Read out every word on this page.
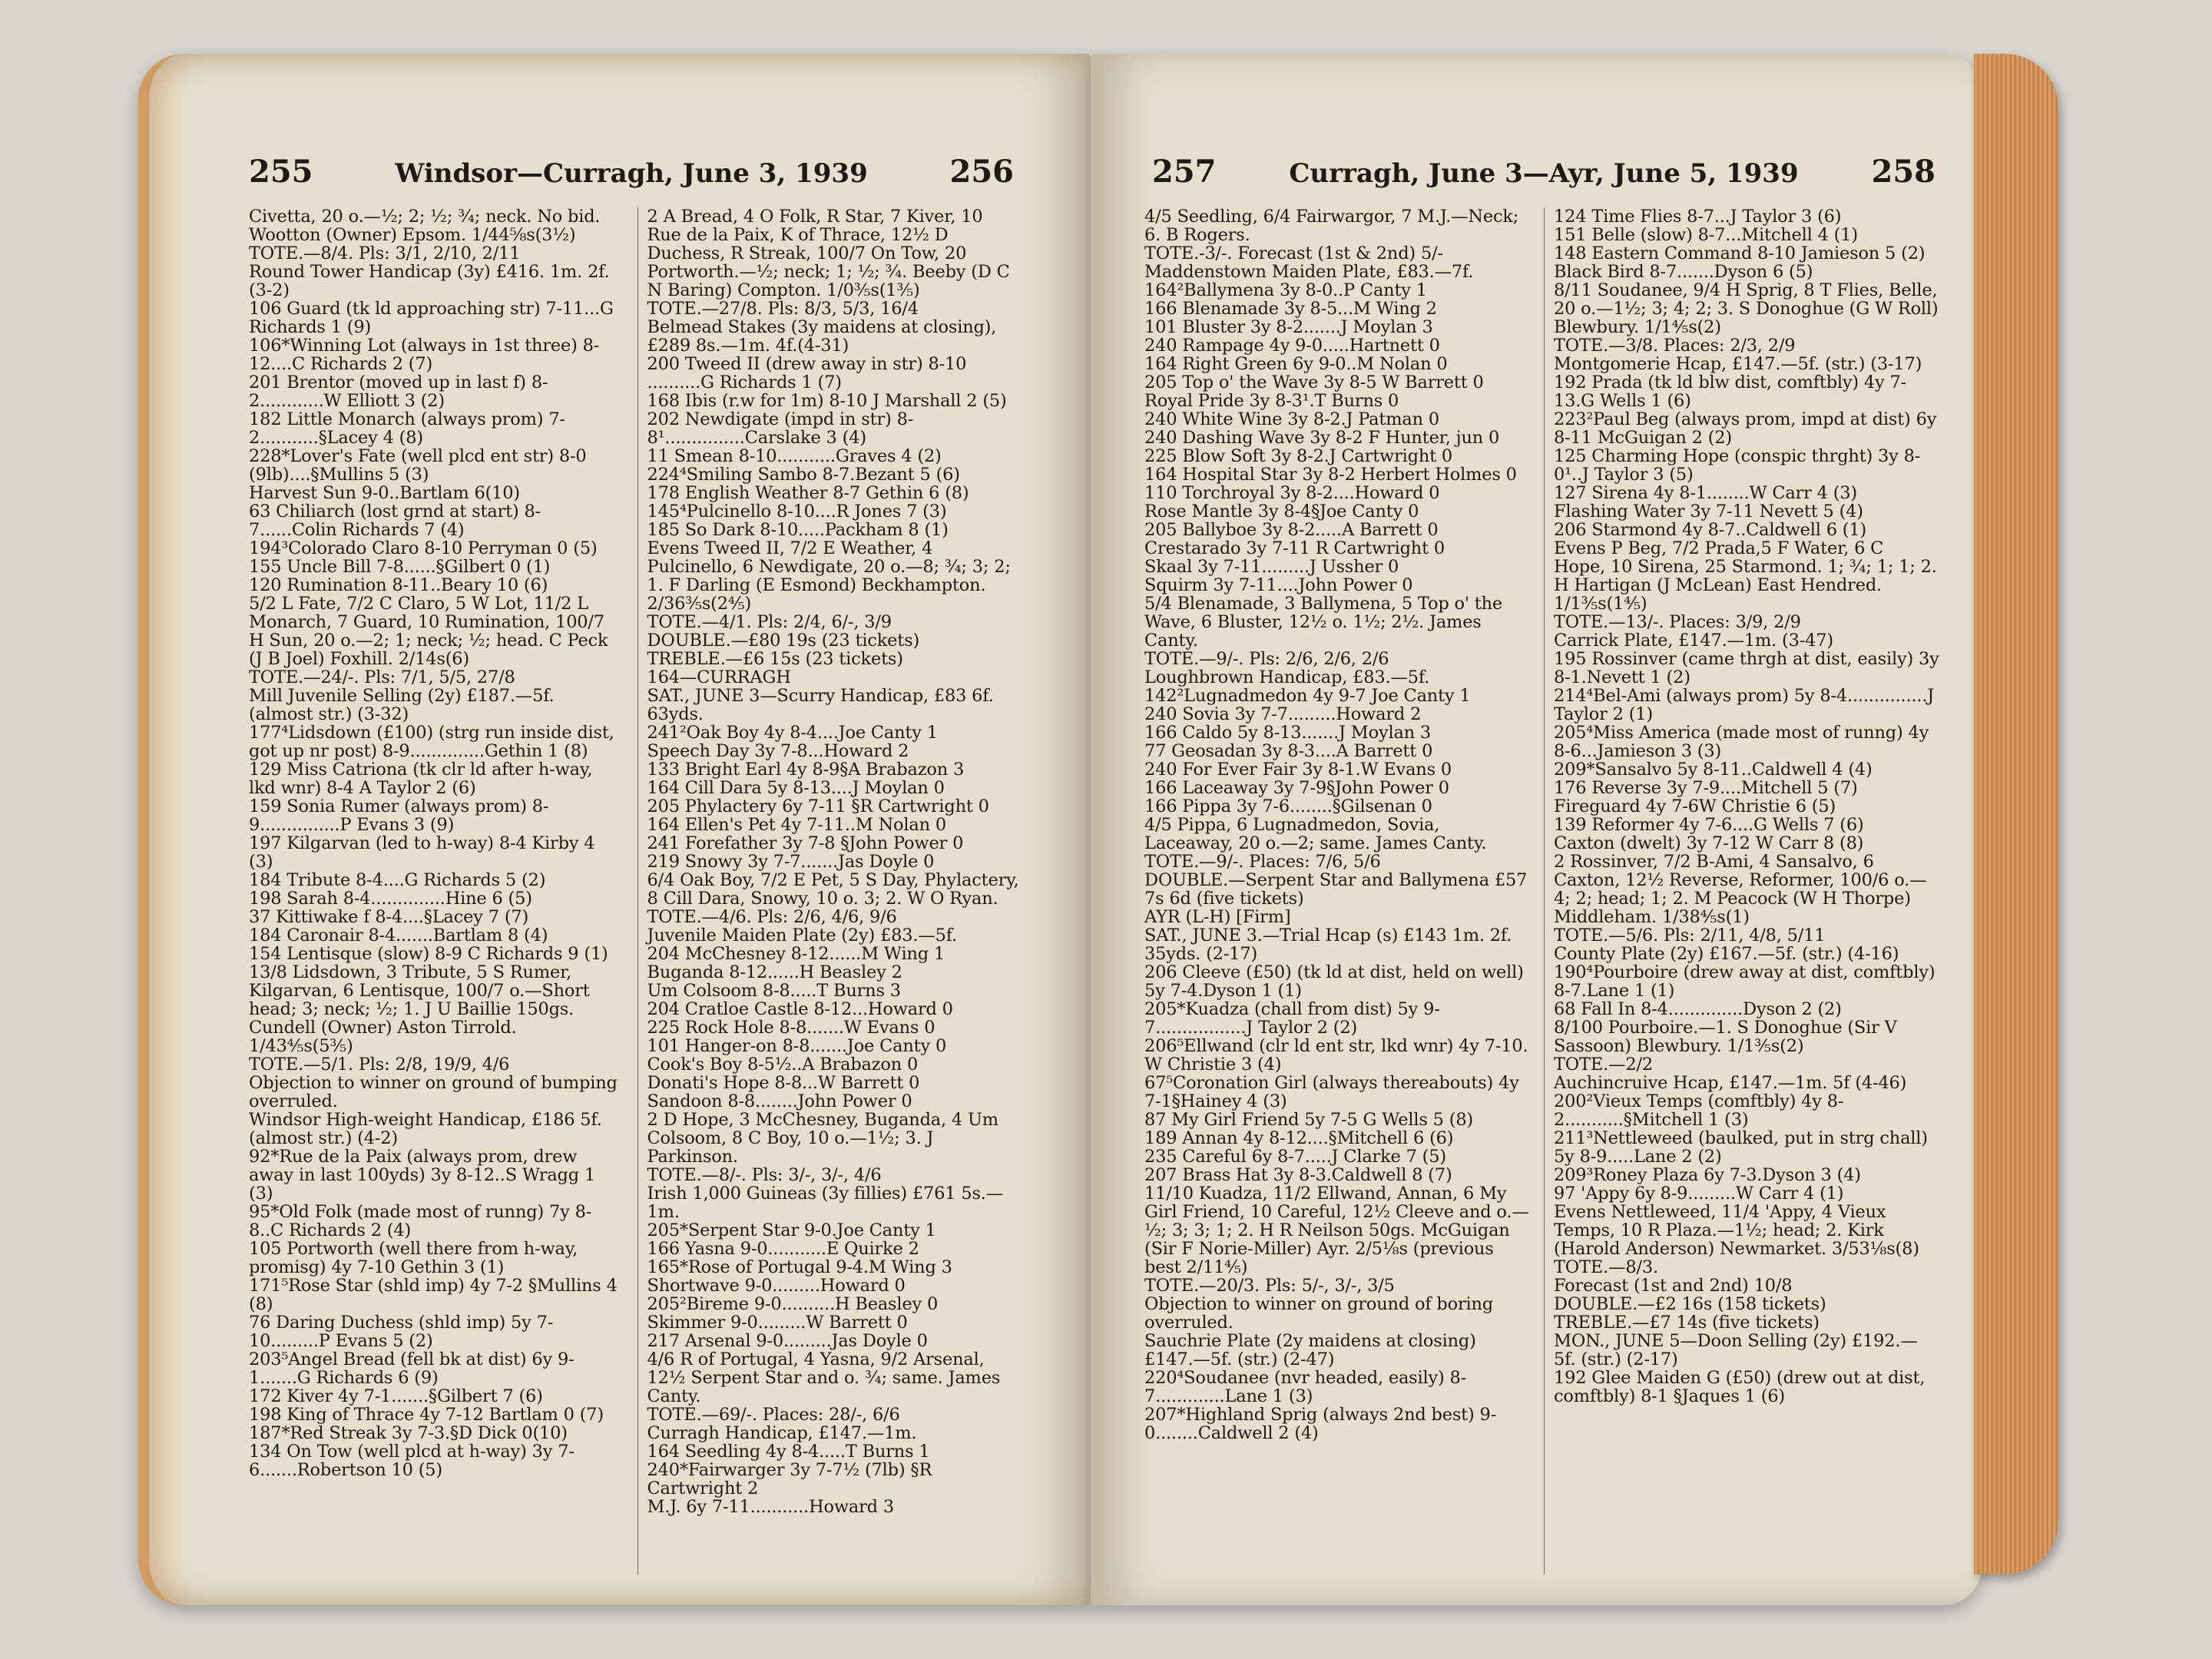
255	Windsor—Curragh, June 3, 1939	256

Civetta, 20 o.—½; 2; ½; ¾; neck. No bid. Wootton (Owner) Epsom. 1/44⅝s(3½)

TOTE.—8/4. Pls: 3/1, 2/10, 2/11

Round Tower Handicap (3y) £416. 1m. 2f. (3-2)

106 Guard (tk ld approaching str) 7-11...G Richards 1 (9)

106*Winning Lot (always in 1st three) 8-12....C Richards 2 (7)

201 Brentor (moved up in last f) 8-2............W Elliott 3 (2)

182 Little Monarch (always prom) 7-2...........§Lacey 4 (8)

228*Lover's Fate (well plcd ent str) 8-0 (9lb)....§Mullins 5 (3)

Harvest Sun 9-0..Bartlam 6(10)

63 Chiliarch (lost grnd at start) 8-7......Colin Richards 7 (4)

194³Colorado Claro 8-10 Perryman 0 (5)

155 Uncle Bill 7-8......§Gilbert 0 (1)

120 Rumination 8-11..Beary 10 (6)

5/2 L Fate, 7/2 C Claro, 5 W Lot, 11/2 L Monarch, 7 Guard, 10 Rumination, 100/7 H Sun, 20 o.—2; 1; neck; ½; head. C Peck (J B Joel) Foxhill. 2/14s(6)

TOTE.—24/-. Pls: 7/1, 5/5, 27/8

Mill Juvenile Selling (2y) £187.—5f. (almost str.) (3-32)

177⁴Lidsdown (£100) (strg run inside dist, got up nr post) 8-9..............Gethin 1 (8)

129 Miss Catriona (tk clr ld after h-way, lkd wnr) 8-4 A Taylor 2 (6)

159 Sonia Rumer (always prom) 8-9...............P Evans 3 (9)

197 Kilgarvan (led to h-way) 8-4 Kirby 4 (3)

184 Tribute 8-4....G Richards 5 (2)

198 Sarah 8-4..............Hine 6 (5)

37 Kittiwake f 8-4....§Lacey 7 (7)

184 Caronair 8-4.......Bartlam 8 (4)

154 Lentisque (slow) 8-9 C Richards 9 (1)

13/8 Lidsdown, 3 Tribute, 5 S Rumer, Kilgarvan, 6 Lentisque, 100/7 o.—Short head; 3; neck; ½; 1. J U Baillie 150gs. Cundell (Owner) Aston Tirrold. 1/43⅘s(5⅗)

TOTE.—5/1. Pls: 2/8, 19/9, 4/6

Objection to winner on ground of bumping overruled.

Windsor High-weight Handicap, £186 5f. (almost str.) (4-2)

92*Rue de la Paix (always prom, drew away in last 100yds) 3y 8-12..S Wragg 1 (3)

95*Old Folk (made most of runng) 7y 8-8..C Richards 2 (4)

105 Portworth (well there from h-way, promisg) 4y 7-10 Gethin 3 (1)

171⁵Rose Star (shld imp) 4y 7-2 §Mullins 4 (8)

76 Daring Duchess (shld imp) 5y 7-10.........P Evans 5 (2)

203⁵Angel Bread (fell bk at dist) 6y 9-1.......G Richards 6 (9)

172 Kiver 4y 7-1.......§Gilbert 7 (6)

198 King of Thrace 4y 7-12 Bartlam 0 (7)

187*Red Streak 3y 7-3.§D Dick 0(10)

134 On Tow (well plcd at h-way) 3y 7-6.......Robertson 10 (5)

2 A Bread, 4 O Folk, R Star, 7 Kiver, 10 Rue de la Paix, K of Thrace, 12½ D Duchess, R Streak, 100/7 On Tow, 20 Portworth.—½; neck; 1; ½; ¾. Beeby (D C N Baring) Compton. 1/0⅗s(1⅗)

TOTE.—27/8. Pls: 8/3, 5/3, 16/4

Belmead Stakes (3y maidens at closing), £289 8s.—1m. 4f.(4-31)

200 Tweed II (drew away in str) 8-10 ..........G Richards 1 (7)

168 Ibis (r.w for 1m) 8-10 J Marshall 2 (5)

202 Newdigate (impd in str) 8-8¹...............Carslake 3 (4)

11 Smean 8-10...........Graves 4 (2)

224⁴Smiling Sambo 8-7.Bezant 5 (6)

178 English Weather 8-7 Gethin 6 (8)

145⁴Pulcinello 8-10....R Jones 7 (3)

185 So Dark 8-10.....Packham 8 (1)

Evens Tweed II, 7/2 E Weather, 4 Pulcinello, 6 Newdigate, 20 o.—8; ¾; 3; 2; 1. F Darling (E Esmond) Beckhampton. 2/36⅗s(2⅘)

TOTE.—4/1. Pls: 2/4, 6/-, 3/9

DOUBLE.—£80 19s (23 tickets)

TREBLE.—£6 15s (23 tickets)

164—CURRAGH

SAT., JUNE 3—Scurry Handicap, £83 6f. 63yds.

241²Oak Boy 4y 8-4....Joe Canty 1

Speech Day 3y 7-8...Howard 2

133 Bright Earl 4y 8-9§A Brabazon 3

164 Cill Dara 5y 8-13....J Moylan 0

205 Phylactery 6y 7-11 §R Cartwright 0

164 Ellen's Pet 4y 7-11..M Nolan 0

241 Forefather 3y 7-8 §John Power 0

219 Snowy 3y 7-7.......Jas Doyle 0

6/4 Oak Boy, 7/2 E Pet, 5 S Day, Phylactery, 8 Cill Dara, Snowy, 10 o. 3; 2. W O Ryan.

TOTE.—4/6. Pls: 2/6, 4/6, 9/6

Juvenile Maiden Plate (2y) £83.—5f.

204 McChesney 8-12......M Wing 1

Buganda 8-12......H Beasley 2

Um Colsoom 8-8.....T Burns 3

204 Cratloe Castle 8-12...Howard 0

225 Rock Hole 8-8.......W Evans 0

101 Hanger-on 8-8.......Joe Canty 0

Cook's Boy 8-5½..A Brabazon 0

Donati's Hope 8-8...W Barrett 0

Sandoon 8-8........John Power 0

2 D Hope, 3 McChesney, Buganda, 4 Um Colsoom, 8 C Boy, 10 o.—1½; 3. J Parkinson.

TOTE.—8/-. Pls: 3/-, 3/-, 4/6

Irish 1,000 Guineas (3y fillies) £761 5s.—1m.

205*Serpent Star 9-0.Joe Canty 1

166 Yasna 9-0...........E Quirke 2

165*Rose of Portugal 9-4.M Wing 3

Shortwave 9-0.........Howard 0

205²Bireme 9-0..........H Beasley 0

Skimmer 9-0.........W Barrett 0

217 Arsenal 9-0.........Jas Doyle 0

4/6 R of Portugal, 4 Yasna, 9/2 Arsenal, 12½ Serpent Star and o. ¾; same. James Canty.

TOTE.—69/-. Places: 28/-, 6/6

Curragh Handicap, £147.—1m.

164 Seedling 4y 8-4.....T Burns 1

240*Fairwarger 3y 7-7½ (7lb) §R Cartwright 2

M.J. 6y 7-11...........Howard 3

257	Curragh, June 3—Ayr, June 5, 1939 258

4/5 Seedling, 6/4 Fairwargor, 7 M.J.—Neck; 6. B Rogers.

TOTE.-3/-. Forecast (1st & 2nd) 5/-

Maddenstown Maiden Plate, £83.—7f.

164²Ballymena 3y 8-0..P Canty 1

166 Blenamade 3y 8-5...M Wing 2

101 Bluster 3y 8-2.......J Moylan 3

240 Rampage 4y 9-0.....Hartnett 0

164 Right Green 6y 9-0..M Nolan 0

205 Top o' the Wave 3y 8-5 W Barrett 0

Royal Pride 3y 8-3¹.T Burns 0

240 White Wine 3y 8-2.J Patman 0

240 Dashing Wave 3y 8-2 F Hunter, jun 0

225 Blow Soft 3y 8-2.J Cartwright 0

164 Hospital Star 3y 8-2 Herbert Holmes 0

110 Torchroyal 3y 8-2....Howard 0

Rose Mantle 3y 8-4§Joe Canty 0

205 Ballyboe 3y 8-2.....A Barrett 0

Crestarado 3y 7-11 R Cartwright 0

Skaal 3y 7-11.........J Ussher 0

Squirm 3y 7-11....John Power 0

5/4 Blenamade, 3 Ballymena, 5 Top o' the Wave, 6 Bluster, 12½ o. 1½; 2½. James Canty.

TOTE.—9/-. Pls: 2/6, 2/6, 2/6

Loughbrown Handicap, £83.—5f.

142²Lugnadmedon 4y 9-7 Joe Canty 1

240 Sovia 3y 7-7.........Howard 2

166 Caldo 5y 8-13.......J Moylan 3

77 Geosadan 3y 8-3....A Barrett 0

240 For Ever Fair 3y 8-1.W Evans 0

166 Laceaway 3y 7-9§John Power 0

166 Pippa 3y 7-6........§Gilsenan 0

4/5 Pippa, 6 Lugnadmedon, Sovia, Laceaway, 20 o.—2; same. James Canty.

TOTE.—9/-. Places: 7/6, 5/6

DOUBLE.—Serpent Star and Ballymena £57 7s 6d (five tickets)

AYR (L-H) [Firm]

SAT., JUNE 3.—Trial Hcap (s) £143 1m. 2f. 35yds. (2-17)

206 Cleeve (£50) (tk ld at dist, held on well) 5y 7-4.Dyson 1 (1)

205*Kuadza (chall from dist) 5y 9-7.................J Taylor 2 (2)

206⁵Ellwand (clr ld ent str, lkd wnr) 4y 7-10. W Christie 3 (4)

67⁵Coronation Girl (always thereabouts) 4y 7-1§Hainey 4 (3)

87 My Girl Friend 5y 7-5 G Wells 5 (8)

189 Annan 4y 8-12....§Mitchell 6 (6)

235 Careful 6y 8-7.....J Clarke 7 (5)

207 Brass Hat 3y 8-3.Caldwell 8 (7)

11/10 Kuadza, 11/2 Ellwand, Annan, 6 My Girl Friend, 10 Careful, 12½ Cleeve and o.—½; 3; 3; 1; 2. H R Neilson 50gs. McGuigan (Sir F Norie-Miller) Ayr. 2/5⅛s (previous best 2/11⅘)

TOTE.—20/3. Pls: 5/-, 3/-, 3/5

Objection to winner on ground of boring overruled.

Sauchrie Plate (2y maidens at closing) £147.—5f. (str.) (2-47)

220⁴Soudanee (nvr headed, easily) 8-7.............Lane 1 (3)

207*Highland Sprig (always 2nd best) 9-0........Caldwell 2 (4)

124 Time Flies 8-7...J Taylor 3 (6)

151 Belle (slow) 8-7...Mitchell 4 (1)

148 Eastern Command 8-10 Jamieson 5 (2)

Black Bird 8-7.......Dyson 6 (5)

8/11 Soudanee, 9/4 H Sprig, 8 T Flies, Belle, 20 o.—1½; 3; 4; 2; 3. S Donoghue (G W Roll) Blewbury. 1/1⅘s(2)

TOTE.—3/8. Places: 2/3, 2/9

Montgomerie Hcap, £147.—5f. (str.) (3-17)

192 Prada (tk ld blw dist, comftbly) 4y 7-13.G Wells 1 (6)

223²Paul Beg (always prom, impd at dist) 6y 8-11 McGuigan 2 (2)

125 Charming Hope (conspic thrght) 3y 8-0¹..J Taylor 3 (5)

127 Sirena 4y 8-1........W Carr 4 (3)

Flashing Water 3y 7-11 Nevett 5 (4)

206 Starmond 4y 8-7..Caldwell 6 (1)

Evens P Beg, 7/2 Prada,5 F Water, 6 C Hope, 10 Sirena, 25 Starmond. 1; ¾; 1; 1; 2. H Hartigan (J McLean) East Hendred. 1/1⅗s(1⅘)

TOTE.—13/-. Places: 3/9, 2/9

Carrick Plate, £147.—1m. (3-47)

195 Rossinver (came thrgh at dist, easily) 3y 8-1.Nevett 1 (2)

214⁴Bel-Ami (always prom) 5y 8-4...............J Taylor 2 (1)

205⁴Miss America (made most of runng) 4y 8-6...Jamieson 3 (3)

209*Sansalvo 5y 8-11..Caldwell 4 (4)

176 Reverse 3y 7-9....Mitchell 5 (7)

Fireguard 4y 7-6W Christie 6 (5)

139 Reformer 4y 7-6....G Wells 7 (6)

Caxton (dwelt) 3y 7-12 W Carr 8 (8)

2 Rossinver, 7/2 B-Ami, 4 Sansalvo, 6 Caxton, 12½ Reverse, Reformer, 100/6 o.—4; 2; head; 1; 2. M Peacock (W H Thorpe) Middleham. 1/38⅘s(1)

TOTE.—5/6. Pls: 2/11, 4/8, 5/11

County Plate (2y) £167.—5f. (str.) (4-16)

190⁴Pourboire (drew away at dist, comftbly) 8-7.Lane 1 (1)

68 Fall In 8-4..............Dyson 2 (2)

8/100 Pourboire.—1. S Donoghue (Sir V Sassoon) Blewbury. 1/1⅗s(2)

TOTE.—2/2

Auchincruive Hcap, £147.—1m. 5f (4-46)

200²Vieux Temps (comftbly) 4y 8-2...........§Mitchell 1 (3)

211³Nettleweed (baulked, put in strg chall) 5y 8-9.....Lane 2 (2)

209³Roney Plaza 6y 7-3.Dyson 3 (4)

97 'Appy 6y 8-9.........W Carr 4 (1)

Evens Nettleweed, 11/4 'Appy, 4 Vieux Temps, 10 R Plaza.—1½; head; 2. Kirk (Harold Anderson) Newmarket. 3/53⅛s(8)

TOTE.—8/3.

Forecast (1st and 2nd) 10/8

DOUBLE.—£2 16s (158 tickets)

TREBLE.—£7 14s (five tickets)

MON., JUNE 5—Doon Selling (2y) £192.—5f. (str.) (2-17)

192 Glee Maiden G (£50) (drew out at dist, comftbly) 8-1 §Jaques 1 (6)
